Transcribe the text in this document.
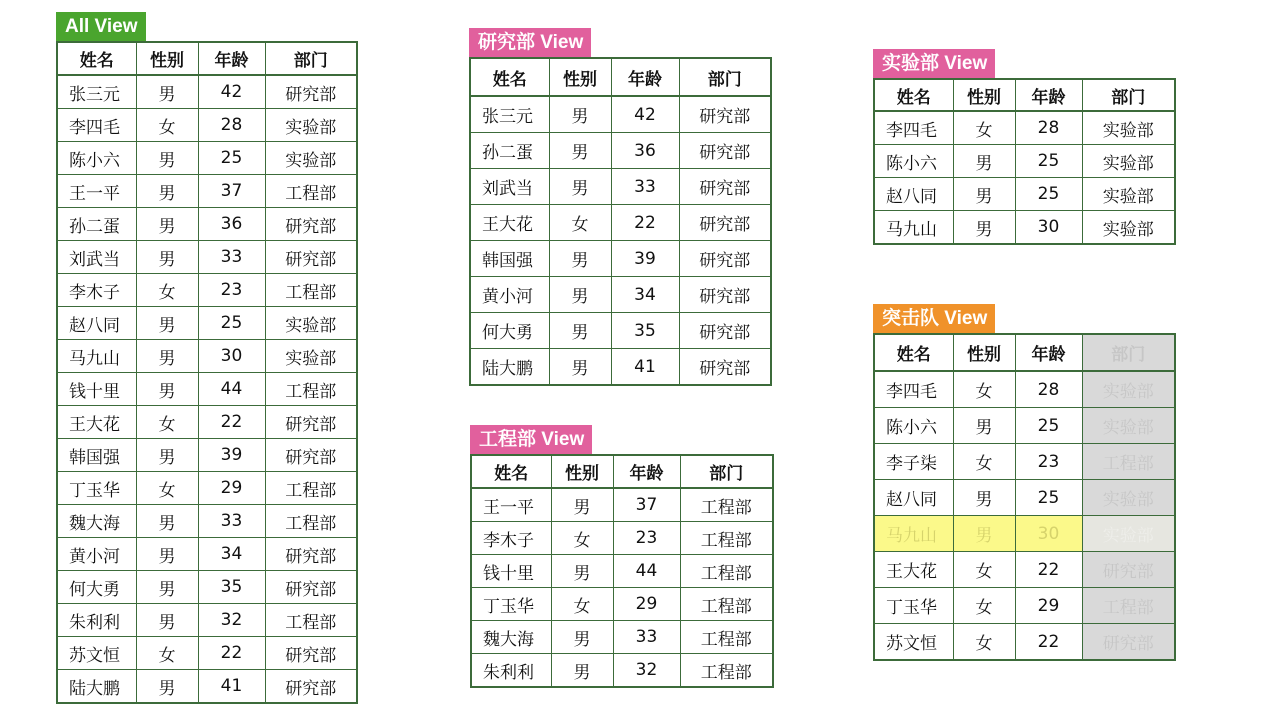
All View
姓名	性别	年龄	部门
张三元	男	42	研究部
李四毛	女	28	实验部
陈小六	男	25	实验部
王一平	男	37	工程部
孙二蛋	男	36	研究部
刘武当	男	33	研究部
李木子	女	23	工程部
赵八同	男	25	实验部
马九山	男	30	实验部
钱十里	男	44	工程部
王大花	女	22	研究部
韩国强	男	39	研究部
丁玉华	女	29	工程部
魏大海	男	33	工程部
黄小河	男	34	研究部
何大勇	男	35	研究部
朱利利	男	32	工程部
苏文恒	女	22	研究部
陆大鹏	男	41	研究部
研究部 View
姓名	性别	年龄	部门
张三元	男	42	研究部
孙二蛋	男	36	研究部
刘武当	男	33	研究部
王大花	女	22	研究部
韩国强	男	39	研究部
黄小河	男	34	研究部
何大勇	男	35	研究部
陆大鹏	男	41	研究部
工程部 View
姓名	性别	年龄	部门
王一平	男	37	工程部
李木子	女	23	工程部
钱十里	男	44	工程部
丁玉华	女	29	工程部
魏大海	男	33	工程部
朱利利	男	32	工程部
实验部 View
姓名	性别	年龄	部门
李四毛	女	28	实验部
陈小六	男	25	实验部
赵八同	男	25	实验部
马九山	男	30	实验部
突击队 View
姓名	性别	年龄	部门
李四毛	女	28	实验部
陈小六	男	25	实验部
李子柒	女	23	工程部
赵八同	男	25	实验部
马九山	男	30	实验部
王大花	女	22	研究部
丁玉华	女	29	工程部
苏文恒	女	22	研究部
